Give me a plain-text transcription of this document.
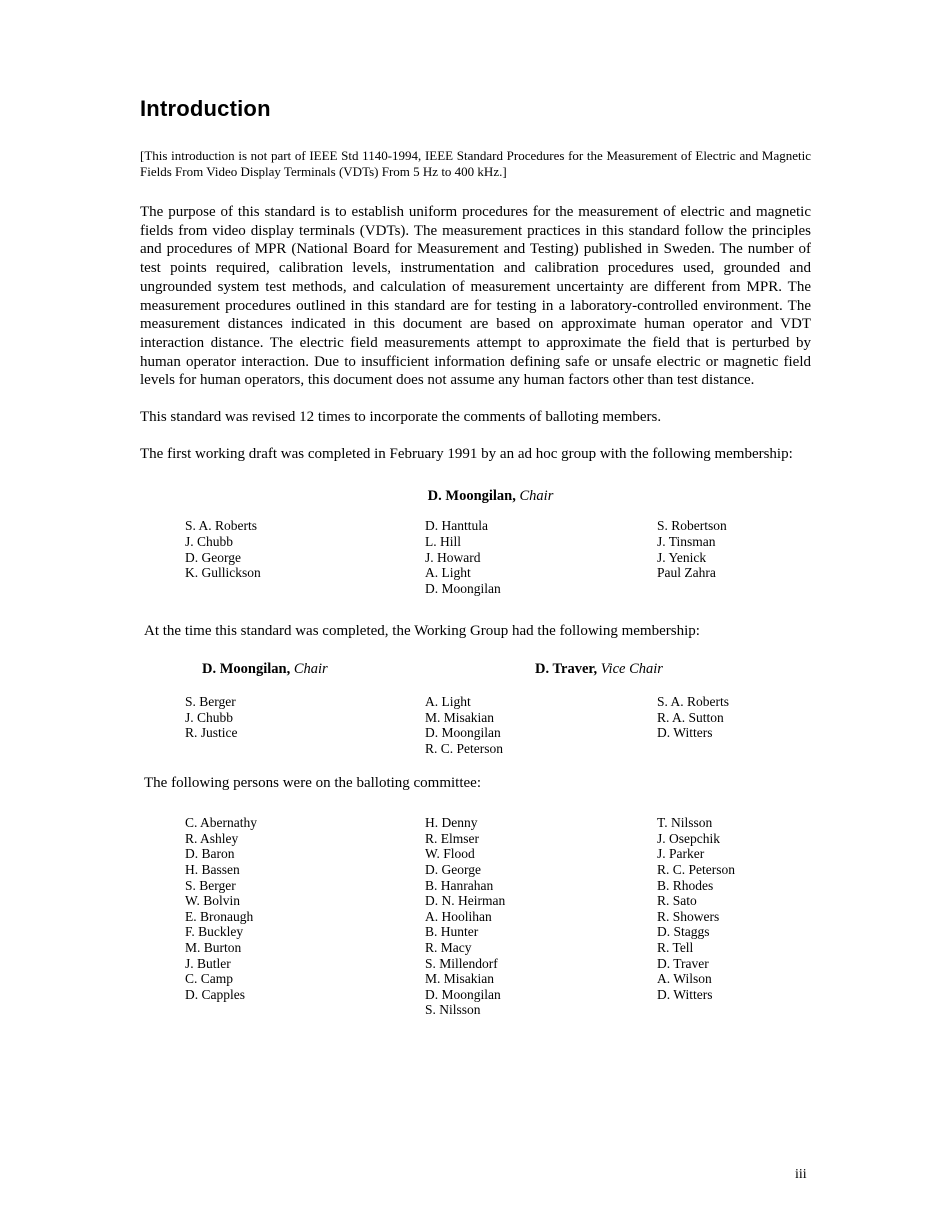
Introduction

[This introduction is not part of IEEE Std 1140-1994, IEEE Standard Procedures for the Measurement of Electric and Magnetic Fields From Video Display Terminals (VDTs) From 5 Hz to 400 kHz.]

The purpose of this standard is to establish uniform procedures for the measurement of electric and magnetic fields from video display terminals (VDTs). The measurement practices in this standard follow the principles and procedures of MPR (National Board for Measurement and Testing) published in Sweden. The number of test points required, calibration levels, instrumentation and calibration procedures used, grounded and ungrounded system test methods, and calculation of measurement uncertainty are different from MPR. The measurement procedures outlined in this standard are for testing in a laboratory-controlled environment. The measurement distances indicated in this document are based on approximate human operator and VDT interaction distance. The electric field measurements attempt to approximate the field that is perturbed by human operator interaction. Due to insufficient information defining safe or unsafe electric or magnetic field levels for human operators, this document does not assume any human factors other than test distance.

This standard was revised 12 times to incorporate the comments of balloting members.

The first working draft was completed in February 1991 by an ad hoc group with the following membership:

D. Moongilan, Chair
S. A. Roberts
J. Chubb
D. George
K. Gullickson
D. Hanttula
L. Hill
J. Howard
A. Light
D. Moongilan
S. Robertson
J. Tinsman
J. Yenick
Paul Zahra

At the time this standard was completed, the Working Group had the following membership:

D. Moongilan, Chair	D. Traver, Vice Chair
S. Berger
J. Chubb
R. Justice
A. Light
M. Misakian
D. Moongilan
R. C. Peterson
S. A. Roberts
R. A. Sutton
D. Witters

The following persons were on the balloting committee:

C. Abernathy
R. Ashley
D. Baron
H. Bassen
S. Berger
W. Bolvin
E. Bronaugh
F. Buckley
M. Burton
J. Butler
C. Camp
D. Capples
H. Denny
R. Elmser
W. Flood
D. George
B. Hanrahan
D. N. Heirman
A. Hoolihan
B. Hunter
R. Macy
S. Millendorf
M. Misakian
D. Moongilan
S. Nilsson
T. Nilsson
J. Osepchik
J. Parker
R. C. Peterson
B. Rhodes
R. Sato
R. Showers
D. Staggs
R. Tell
D. Traver
A. Wilson
D. Witters
iii
